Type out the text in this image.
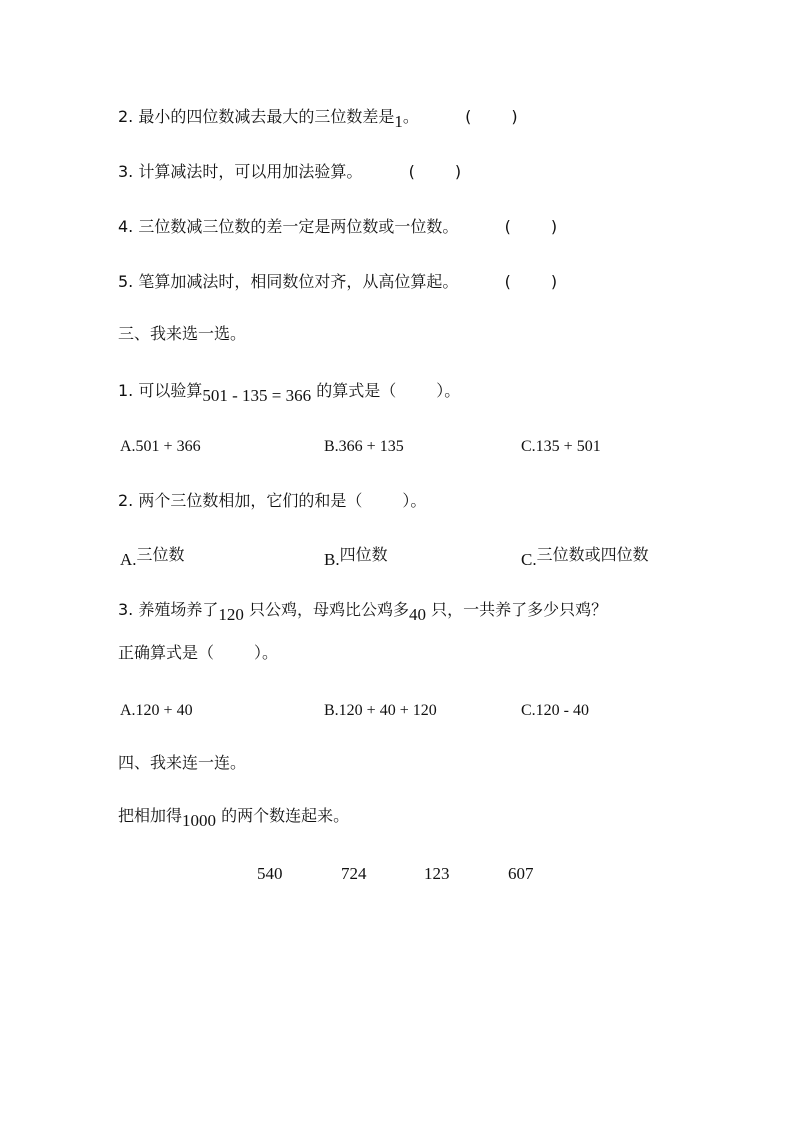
2. 最小的四位数减去最大的三位数差是1。	(	)
3. 计算减法时，可以用加法验算。	(	)
4. 三位数减三位数的差一定是两位数或一位数。	(	)
5. 笔算加减法时，相同数位对齐，从高位算起。	(	)
三、我来选一选。
1. 可以验算501 - 135 = 366 的算式是（	）。
A.501 + 366	B.366 + 135	C.135 + 501
2. 两个三位数相加，它们的和是（	）。
A.三位数	B.四位数	C.三位数或四位数
3. 养殖场养了120 只公鸡，母鸡比公鸡多40 只，一共养了多少只鸡？
正确算式是（	）。
A.120 + 40	B.120 + 40 + 120	C.120 - 40
四、我来连一连。
把相加得1000 的两个数连起来。
540	724	123	607
